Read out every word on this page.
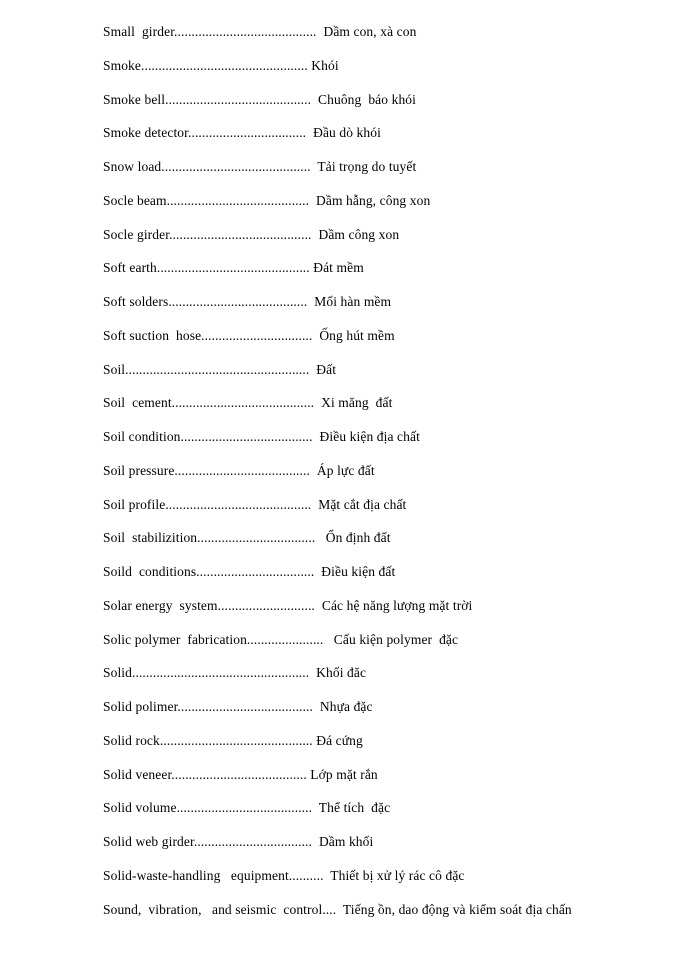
Small  girder.........................................  Dầm con, xà con
Smoke................................................ Khói
Smoke bell..........................................  Chuông  báo khói
Smoke detector..................................  Đầu dò khói
Snow load...........................................  Tải trọng do tuyết
Socle beam.........................................  Dầm hẫng, công xon
Socle girder.........................................  Dầm công xon
Soft earth............................................ Đát mềm
Soft solders........................................  Mối hàn mềm
Soft suction  hose................................  Ống hút mềm
Soil.....................................................  Đất
Soil  cement.........................................  Xi măng  đất
Soil condition......................................  Điều kiện địa chất
Soil pressure.......................................  Áp lực đất
Soil profile..........................................  Mặt cắt địa chất
Soil  stabilizition..................................   Ổn định đất
Soild  conditions..................................  Điều kiện đất
Solar energy  system............................  Các hệ năng lượng mặt trời
Solic polymer  fabrication......................   Cấu kiện polymer  đặc
Solid...................................................  Khối đăc
Solid polimer.......................................  Nhựa đặc
Solid rock............................................ Đá cứng
Solid veneer....................................... Lớp mặt rắn
Solid volume.......................................  Thể tích  đặc
Solid web girder..................................  Dầm khối
Solid-waste-handling   equipment..........  Thiết bị xử lý rác cô đặc
Sound,  vibration,   and seismic  control....  Tiếng ồn, dao động và kiểm soát địa chấn
